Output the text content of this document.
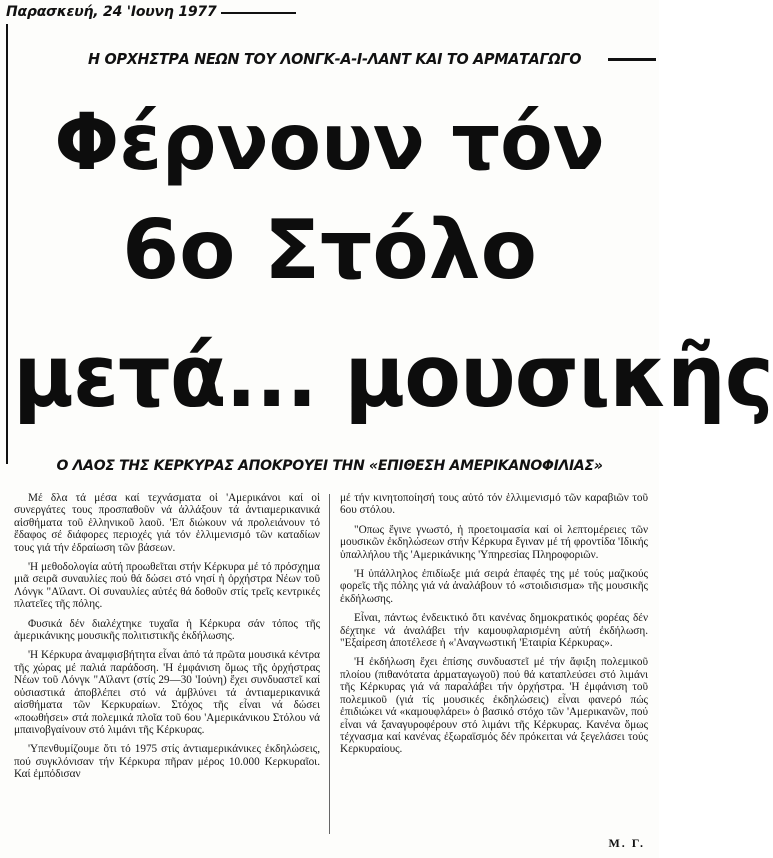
Παρασκευή, 24 'Ιουνη 1977
Η ΟΡΧΗΣΤΡΑ ΝΕΩΝ ΤΟΥ ΛΟΝΓΚ-Α-Ι-ΛΑΝΤ ΚΑΙ ΤΟ ΑΡΜΑΤΑΓΩΓΟ
Φέρνουν τόν
6ο Στόλο
μετά... μουσικῆς
Ο ΛΑΟΣ ΤΗΣ ΚΕΡΚΥΡΑΣ ΑΠΟΚΡΟΥΕΙ ΤΗΝ «ΕΠΙΘΕΣΗ ΑΜΕΡΙΚΑΝΟΦΙΛΙΑΣ»

Μέ δλα τά μέσα καί τεχνάσματα οἱ 'Αμερικάνοι καί οἱ συνεργάτες τους προσπαθοῦν νά ἀλλάξουν τά ἀντιαμερικανικά αἰσθήματα τοῦ ἑλληνικοῦ λαοῦ. 'Επ διώκουν νά προλειάνουν τό ἔδαφος σέ διάφορες περιοχές γιά τόν ἑλλιμενισμό τῶν καταδίων τους γιά τήν ἐδραίωση τῶν βάσεων.

'Η μεθοδολογία αὐτή προωθεῖται στήν Κέρκυρα μέ τό πρόσχημα μιᾶ σειρᾶ συναυλίες πού θά δώσει στό νησί ἡ ὀρχήστρα Νέων τοῦ Λόνγκ "Αϊλαντ. Οἱ συναυλίες αὐτές θά δοθοῦν στίς τρεῖς κεντρικές πλατεῖες τῆς πόλης.

Φυσικά δέν διαλέχτηκε τυχαῖα ἡ Κέρκυρα σάν τόπος τῆς ἀμερικάνικης μουσικῆς πολιτιστικῆς ἐκδήλωσης.

'Η Κέρκυρα ἀναμφισβήτητα εἶναι ἀπό τά πρῶτα μουσικά κέντρα τῆς χώρας μέ παλιά παράδοση. 'Η ἐμφάνιση ὅμως τῆς ὀρχήστρας Νέων τοῦ Λόνγκ "Αϊλαντ (στίς 29—30 'Ιούνη) ἔχει συνδυαστεῖ καί οὐσιαστικά ἀποβλέπει στό νά ἀμβλύνει τά ἀντιαμερικανικά αἰσθήματα τῶν Κερκυραίων. Στόχος τῆς εἶναι νά δώσει «ποωθήσει» στά πολεμικά πλοῖα τοῦ 6ου 'Αμερικάνικου Στόλου νά μπαινοβγαίνουν στό λιμάνι τῆς Κέρκυρας.

'Υπενθυμίζουμε ὅτι τό 1975 στίς ἀντιαμερικάνικες ἐκδηλώσεις, πού συγκλόνισαν τήν Κέρκυρα πῆραν μέρος 10.000 Κερκυραῖοι. Καί ἐμπόδισαν

μέ τήν κινητοποίησή τους αὐτό τόν ἑλλιμενισμό τῶν καραβιῶν τοῦ 6ου στόλου.

"Οπως ἔγινε γνωστό, ἡ προετοιμασία καί οἱ λεπτομέρειες τῶν μουσικῶν ἐκδηλώσεων στήν Κέρκυρα ἔγιναν μέ τή φροντίδα 'Ιδικής ὑπαλλήλου τῆς 'Αμερικάνικης 'Υπηρεσίας Πληροφοριῶν.

'Η ὑπάλληλος ἐπιδίωξε μιά σειρά ἐπαφές της μέ τούς μαζικούς φορεῖς τῆς πόλης γιά νά ἀναλάβουν τό «στοιδισισμα» τῆς μουσικῆς ἐκδήλωσης.

Εἶναι, πάντως ἐνδεικτικό ὅτι κανένας δημοκρατικός φορέας δέν δέχτηκε νά ἀναλάβει τήν καμουφλαρισμένη αὐτή ἐκδήλωση. "Εξαίρεση ἀποτέλεσε ἡ «'Αναγνωστική 'Εταιρία Κέρκυρας».

'Η ἐκδήλωση ἔχει ἐπίσης συνδυαστεῖ μέ τήν ἄφιξη πολεμικοῦ πλοίου (πιθανότατα ἀρματαγωγοῦ) πού θά καταπλεύσει στό λιμάνι τῆς Κέρκυρας γιά νά παραλάβει τήν ὀρχήστρα. 'Η ἐμφάνιση τοῦ πολεμικοῦ (γιά τίς μουσικές ἐκδηλώσεις) εἶναι φανερό πώς ἐπιδιώκει νά «καμουφλάρει» ὁ βασικό στόχο τῶν 'Αμερικανῶν, πού εἶναι νά ξαναγυροφέρουν στό λιμάνι τῆς Κέρκυρας. Κανένα ὅμως τέχνασμα καί κανένας ἐξωραϊσμός δέν πρόκειται νά ξεγελάσει τούς Κερκυραίους.

Μ. Γ.
